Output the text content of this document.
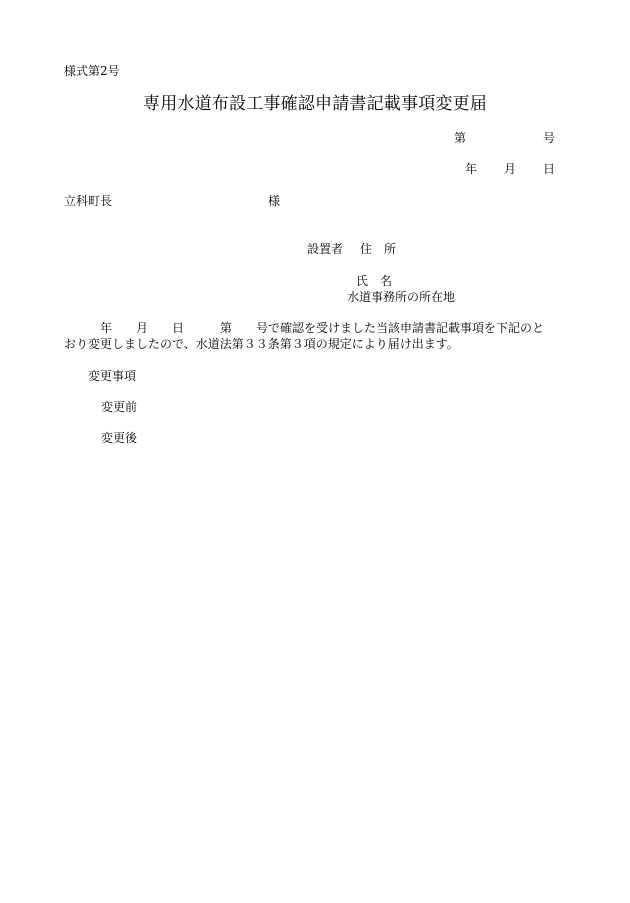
様式第2号
専用水道布設工事確認申請書記載事項変更届
第	号
年 月 日
立科町長	様
設置者 住　所
氏　名
水道事務所の所在地
　　　年　　月　　日　　　第　　号で確認を受けました当該申請書記載事項を下記のと
おり変更しましたので、水道法第３３条第３項の規定により届け出ます。
変更事項
変更前
変更後
